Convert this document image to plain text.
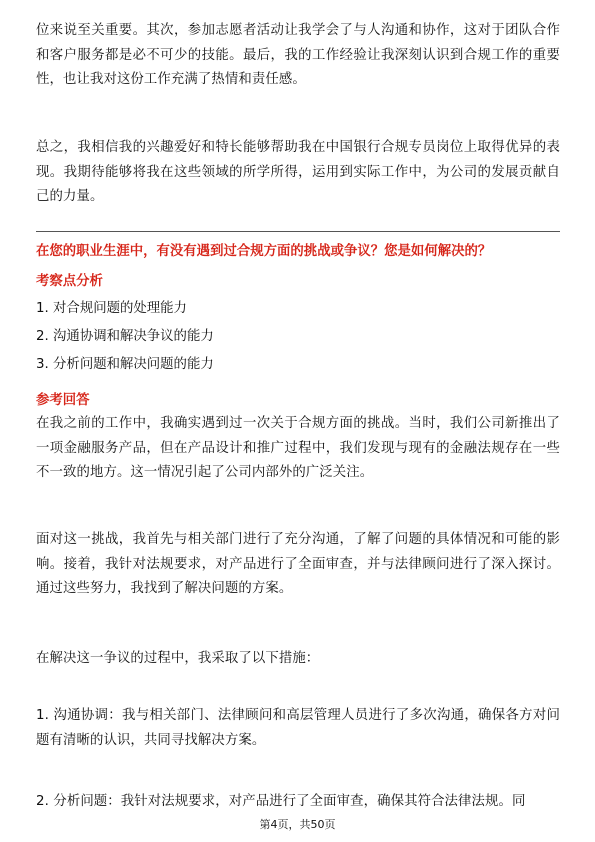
位来说至关重要。其次，参加志愿者活动让我学会了与人沟通和协作，这对于团队合作和客户服务都是必不可少的技能。最后，我的工作经验让我深刻认识到合规工作的重要性，也让我对这份工作充满了热情和责任感。

总之，我相信我的兴趣爱好和特长能够帮助我在中国银行合规专员岗位上取得优异的表现。我期待能够将我在这些领域的所学所得，运用到实际工作中，为公司的发展贡献自己的力量。

在您的职业生涯中，有没有遇到过合规方面的挑战或争议？您是如何解决的？

考察点分析

1. 对合规问题的处理能力

2. 沟通协调和解决争议的能力

3. 分析问题和解决问题的能力

参考回答

在我之前的工作中，我确实遇到过一次关于合规方面的挑战。当时，我们公司新推出了一项金融服务产品，但在产品设计和推广过程中，我们发现与现有的金融法规存在一些不一致的地方。这一情况引起了公司内部外的广泛关注。

面对这一挑战，我首先与相关部门进行了充分沟通，了解了问题的具体情况和可能的影响。接着，我针对法规要求，对产品进行了全面审查，并与法律顾问进行了深入探讨。通过这些努力，我找到了解决问题的方案。

在解决这一争议的过程中，我采取了以下措施：

1. 沟通协调：我与相关部门、法律顾问和高层管理人员进行了多次沟通，确保各方对问题有清晰的认识，共同寻找解决方案。

2. 分析问题：我针对法规要求，对产品进行了全面审查，确保其符合法律法规。同

第4页，共50页
